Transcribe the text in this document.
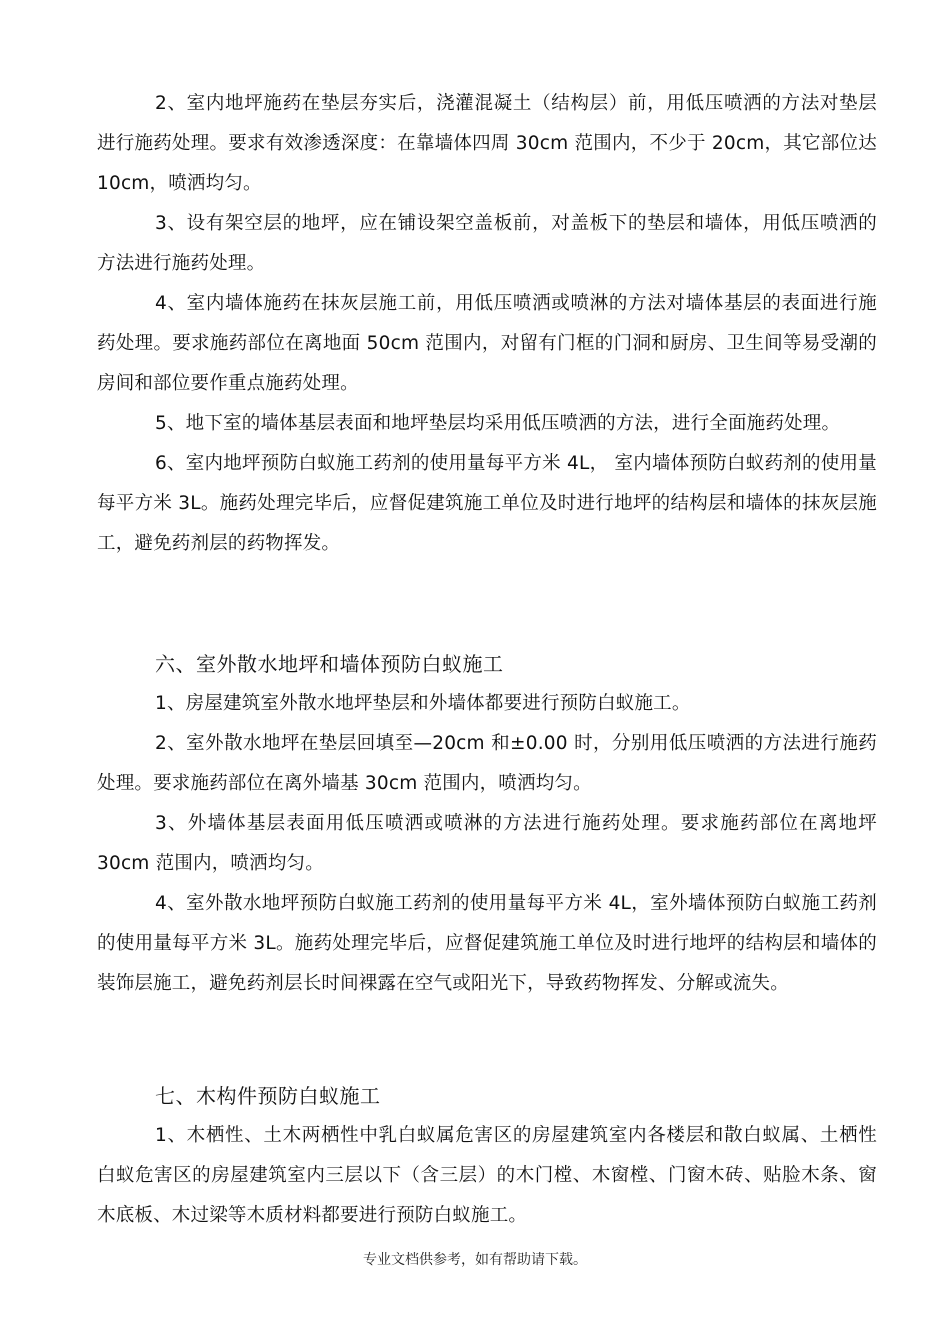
2、室内地坪施药在垫层夯实后，浇灌混凝土（结构层）前，用低压喷洒的方法对垫层进行施药处理。要求有效渗透深度：在靠墙体四周 30cm 范围内，不少于 20cm，其它部位达 10cm，喷洒均匀。

3、设有架空层的地坪，应在铺设架空盖板前，对盖板下的垫层和墙体，用低压喷洒的方法进行施药处理。

4、室内墙体施药在抹灰层施工前，用低压喷洒或喷淋的方法对墙体基层的表面进行施药处理。要求施药部位在离地面 50cm 范围内，对留有门框的门洞和厨房、卫生间等易受潮的房间和部位要作重点施药处理。

5、地下室的墙体基层表面和地坪垫层均采用低压喷洒的方法，进行全面施药处理。

6、室内地坪预防白蚁施工药剂的使用量每平方米 4L， 室内墙体预防白蚁药剂的使用量每平方米 3L。施药处理完毕后，应督促建筑施工单位及时进行地坪的结构层和墙体的抹灰层施工，避免药剂层的药物挥发。

六、室外散水地坪和墙体预防白蚁施工

1、房屋建筑室外散水地坪垫层和外墙体都要进行预防白蚁施工。

2、室外散水地坪在垫层回填至—20cm 和±0.00 时，分别用低压喷洒的方法进行施药处理。要求施药部位在离外墙基 30cm 范围内，喷洒均匀。

3、外墙体基层表面用低压喷洒或喷淋的方法进行施药处理。要求施药部位在离地坪 30cm 范围内，喷洒均匀。

4、室外散水地坪预防白蚁施工药剂的使用量每平方米 4L，室外墙体预防白蚁施工药剂的使用量每平方米 3L。施药处理完毕后，应督促建筑施工单位及时进行地坪的结构层和墙体的装饰层施工，避免药剂层长时间裸露在空气或阳光下，导致药物挥发、分解或流失。

七、木构件预防白蚁施工

1、木栖性、土木两栖性中乳白蚁属危害区的房屋建筑室内各楼层和散白蚁属、土栖性白蚁危害区的房屋建筑室内三层以下（含三层）的木门樘、木窗樘、门窗木砖、贴脸木条、窗木底板、木过梁等木质材料都要进行预防白蚁施工。

专业文档供参考，如有帮助请下载。
